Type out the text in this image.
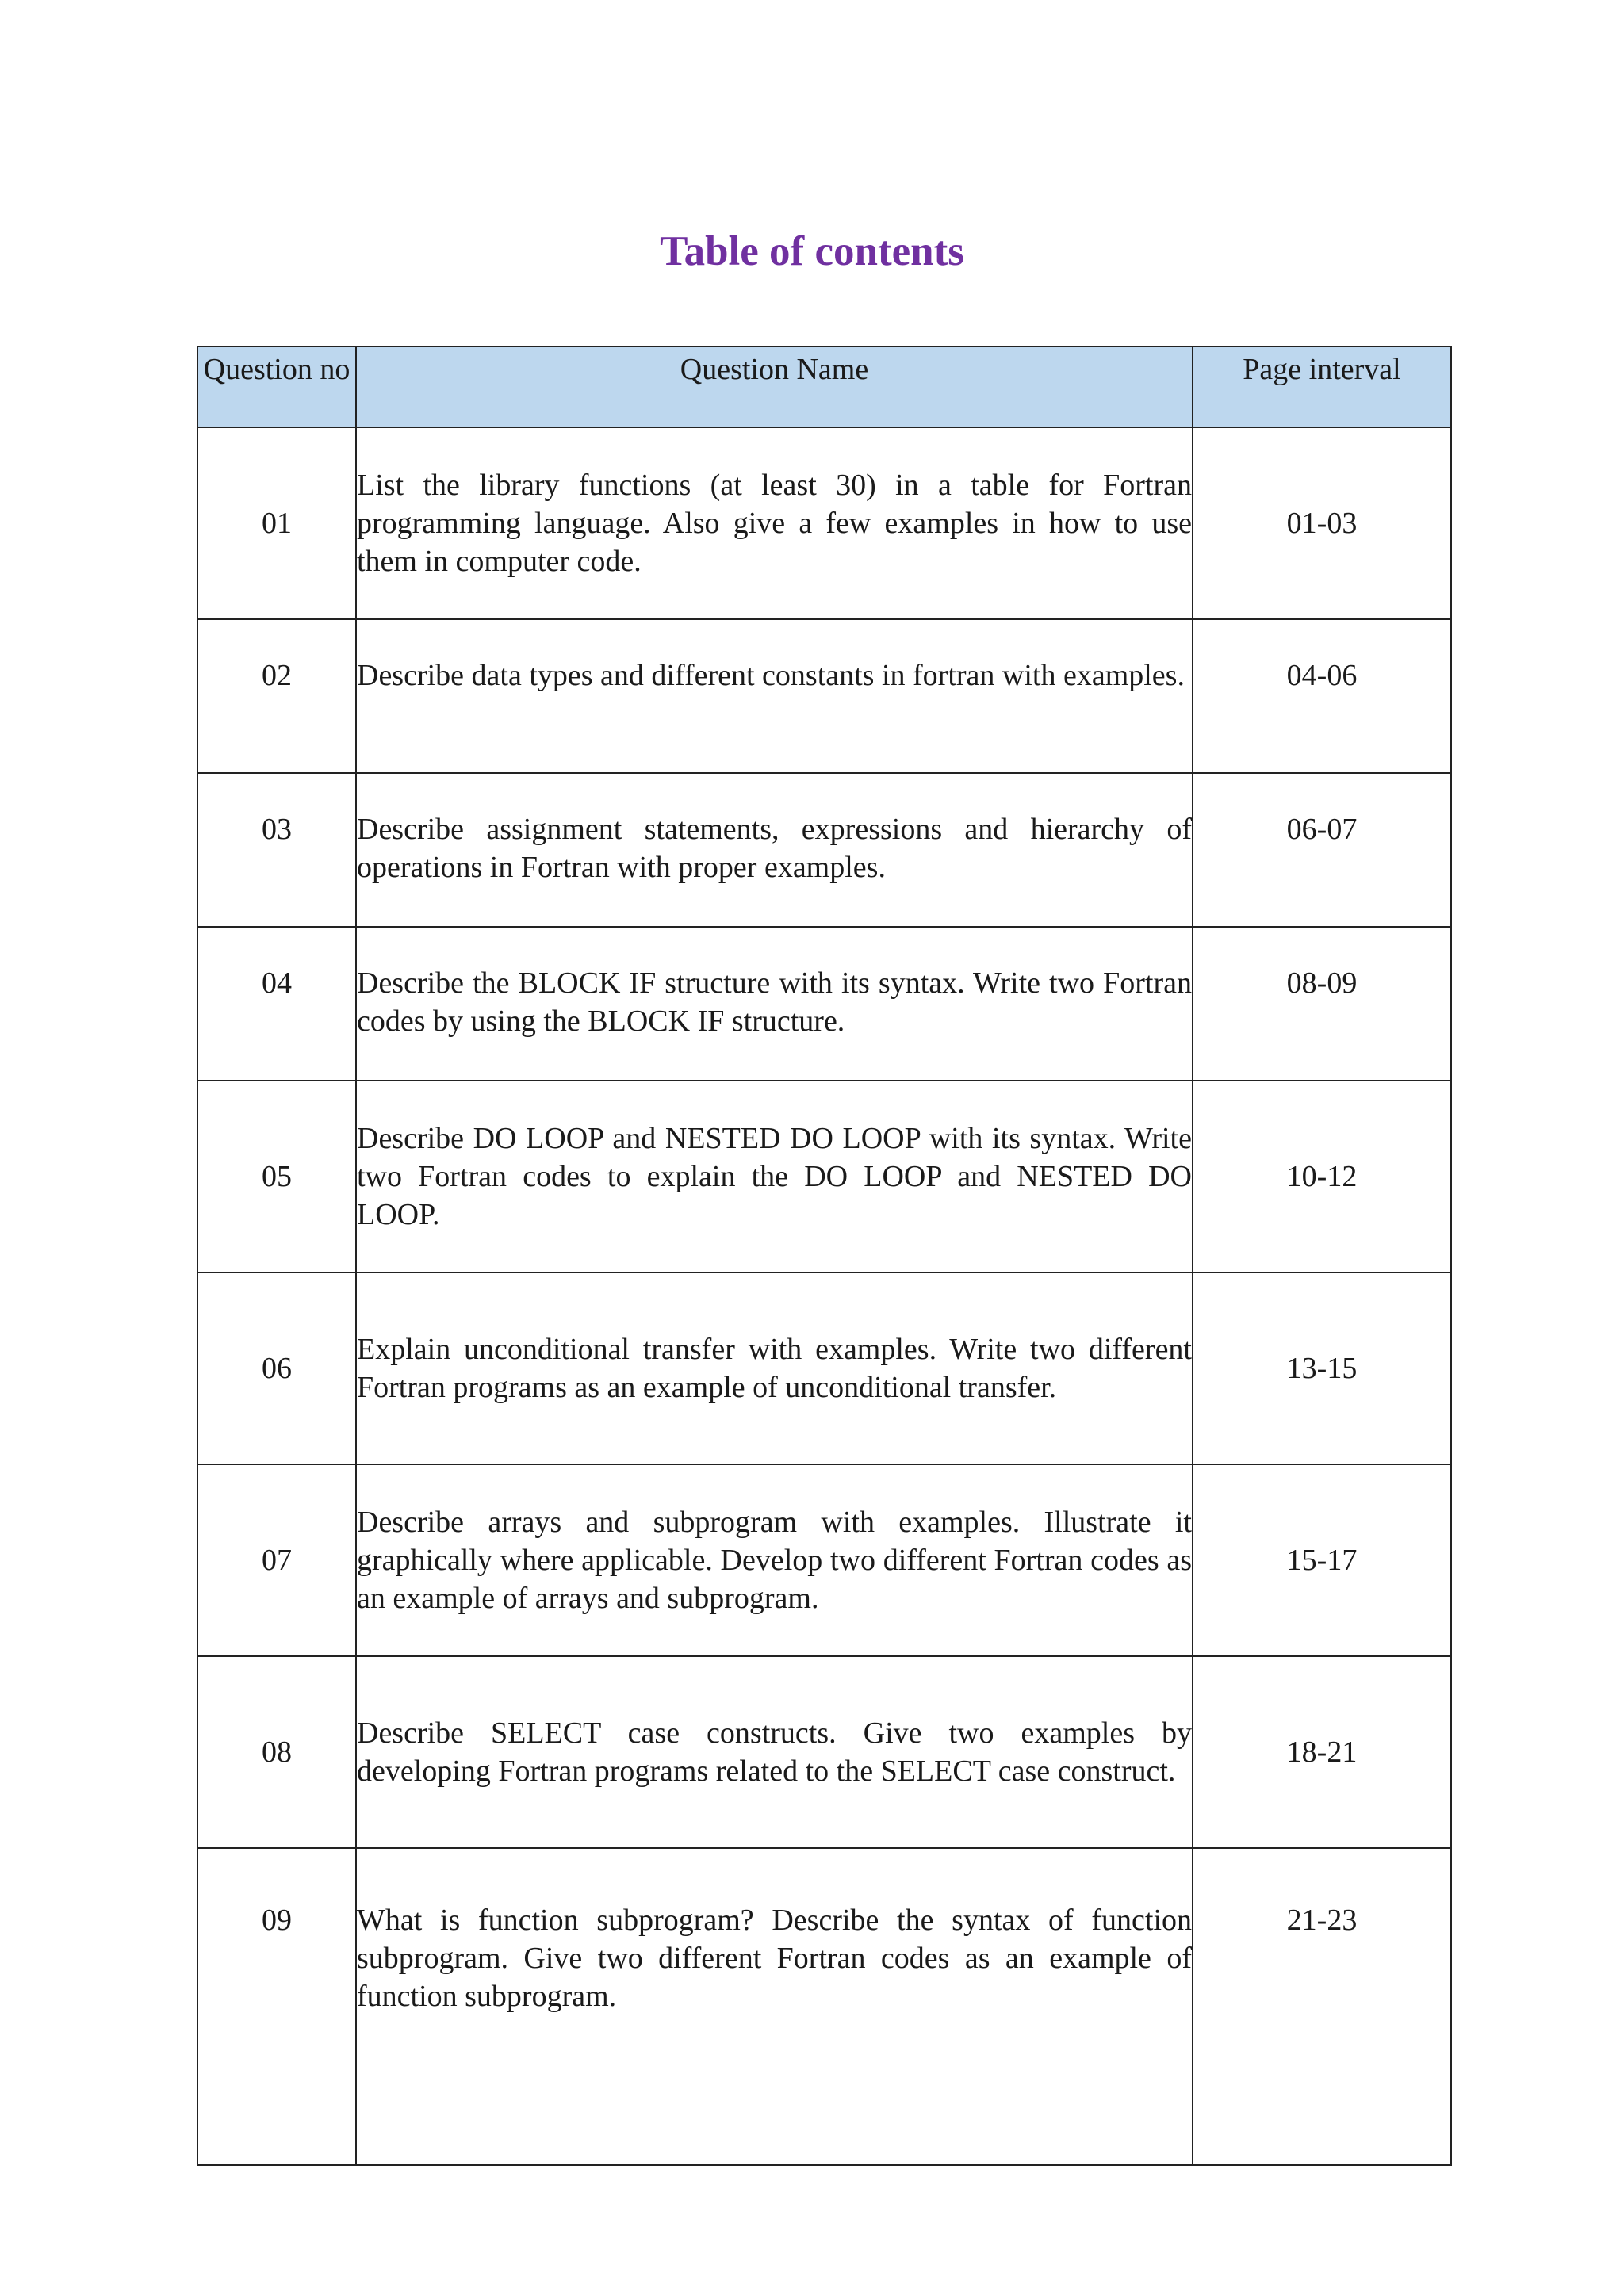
Table of contents
Question no	Question Name	Page interval
01	List the library functions (at least 30) in a table for Fortran programming language. Also give a few examples in how to use them in computer code.	01-03
02	Describe data types and different constants in fortran with examples.	04-06
03	Describe assignment statements, expressions and hierarchy of operations in Fortran with proper examples.	06-07
04	Describe the BLOCK IF structure with its syntax. Write two Fortran codes by using the BLOCK IF structure.	08-09
05	Describe DO LOOP and NESTED DO LOOP with its syntax. Write two Fortran codes to explain the DO LOOP and NESTED DO LOOP.	10-12
06	Explain unconditional transfer with examples. Write two different Fortran programs as an example of unconditional transfer.	13-15
07	Describe arrays and subprogram with examples. Illustrate it graphically where applicable. Develop two different Fortran codes as an example of arrays and subprogram.	15-17
08	Describe SELECT case constructs. Give two examples by developing Fortran programs related to the SELECT case construct.	18-21
09	What is function subprogram? Describe the syntax of function subprogram. Give two different Fortran codes as an example of function subprogram.	21-23
